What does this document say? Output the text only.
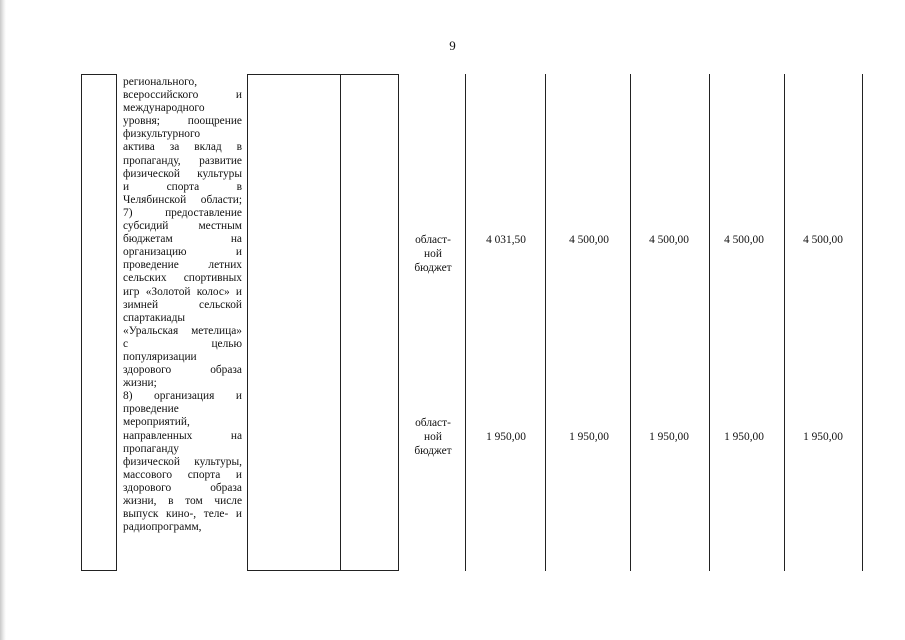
9
регионального,
всероссийского и
международного
уровня; поощрение
физкультурного
актива за вклад в
пропаганду, развитие
физической культуры
и спорта в
Челябинской области;
7) предоставление
субсидий местным
бюджетам на
организацию и
проведение летних
сельских спортивных
игр «Золотой колос» и
зимней сельской
спартакиады
«Уральская метелица»
с целью
популяризации
здорового образа
жизни;
8) организация и
проведение
мероприятий,
направленных на
пропаганду
физической культуры,
массового спорта и
здорового образа
жизни, в том числе
выпуск кино-, теле- и
радиопрограмм,
област-
ной
бюджет
4 031,50	4 500,00	4 500,00	4 500,00	4 500,00
област-
ной
бюджет
1 950,00	1 950,00	1 950,00	1 950,00	1 950,00
